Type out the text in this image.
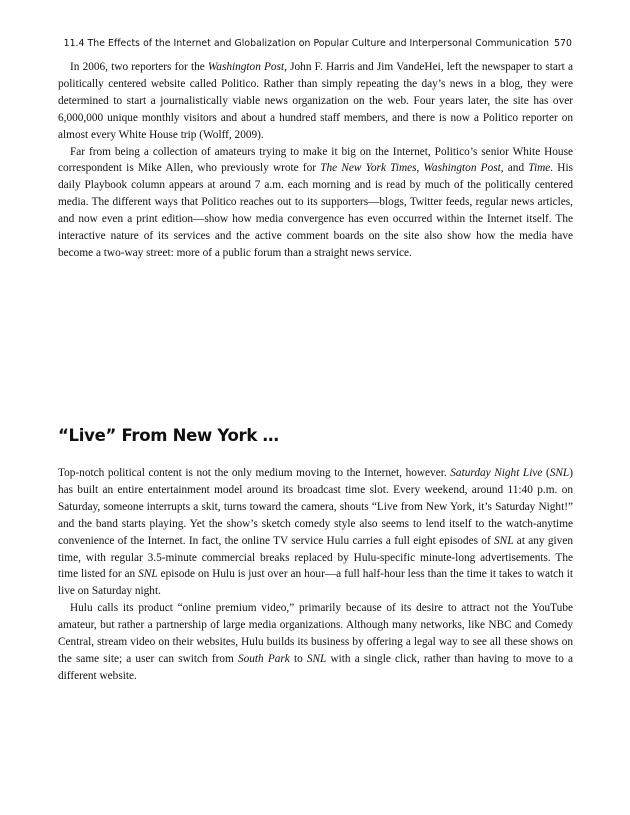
11.4 The Effects of the Internet and Globalization on Popular Culture and Interpersonal Communication 570

In 2006, two reporters for the Washington Post, John F. Harris and Jim VandeHei, left the newspaper to start a politically centered website called Politico. Rather than simply repeating the day’s news in a blog, they were determined to start a journalistically viable news organization on the web. Four years later, the site has over 6,000,000 unique monthly visitors and about a hundred staff members, and there is now a Politico reporter on almost every White House trip (Wolff, 2009).

Far from being a collection of amateurs trying to make it big on the Internet, Politico’s senior White House correspondent is Mike Allen, who previously wrote for The New York Times, Washington Post, and Time. His daily Playbook column appears at around 7 a.m. each morning and is read by much of the politically centered media. The different ways that Politico reaches out to its supporters—blogs, Twitter feeds, regular news articles, and now even a print edition—show how media convergence has even occurred within the Internet itself. The interactive nature of its services and the active comment boards on the site also show how the media have become a two-way street: more of a public forum than a straight news service.

“Live” From New York …

Top-notch political content is not the only medium moving to the Internet, however. Saturday Night Live (SNL) has built an entire entertainment model around its broadcast time slot. Every weekend, around 11:40 p.m. on Saturday, someone interrupts a skit, turns toward the camera, shouts “Live from New York, it’s Saturday Night!” and the band starts playing. Yet the show’s sketch comedy style also seems to lend itself to the watch-anytime convenience of the Internet. In fact, the online TV service Hulu carries a full eight episodes of SNL at any given time, with regular 3.5-minute commercial breaks replaced by Hulu-specific minute-long advertisements. The time listed for an SNL episode on Hulu is just over an hour—a full half-hour less than the time it takes to watch it live on Saturday night.

Hulu calls its product “online premium video,” primarily because of its desire to attract not the YouTube amateur, but rather a partnership of large media organizations. Although many networks, like NBC and Comedy Central, stream video on their websites, Hulu builds its business by offering a legal way to see all these shows on the same site; a user can switch from South Park to SNL with a single click, rather than having to move to a different website.
